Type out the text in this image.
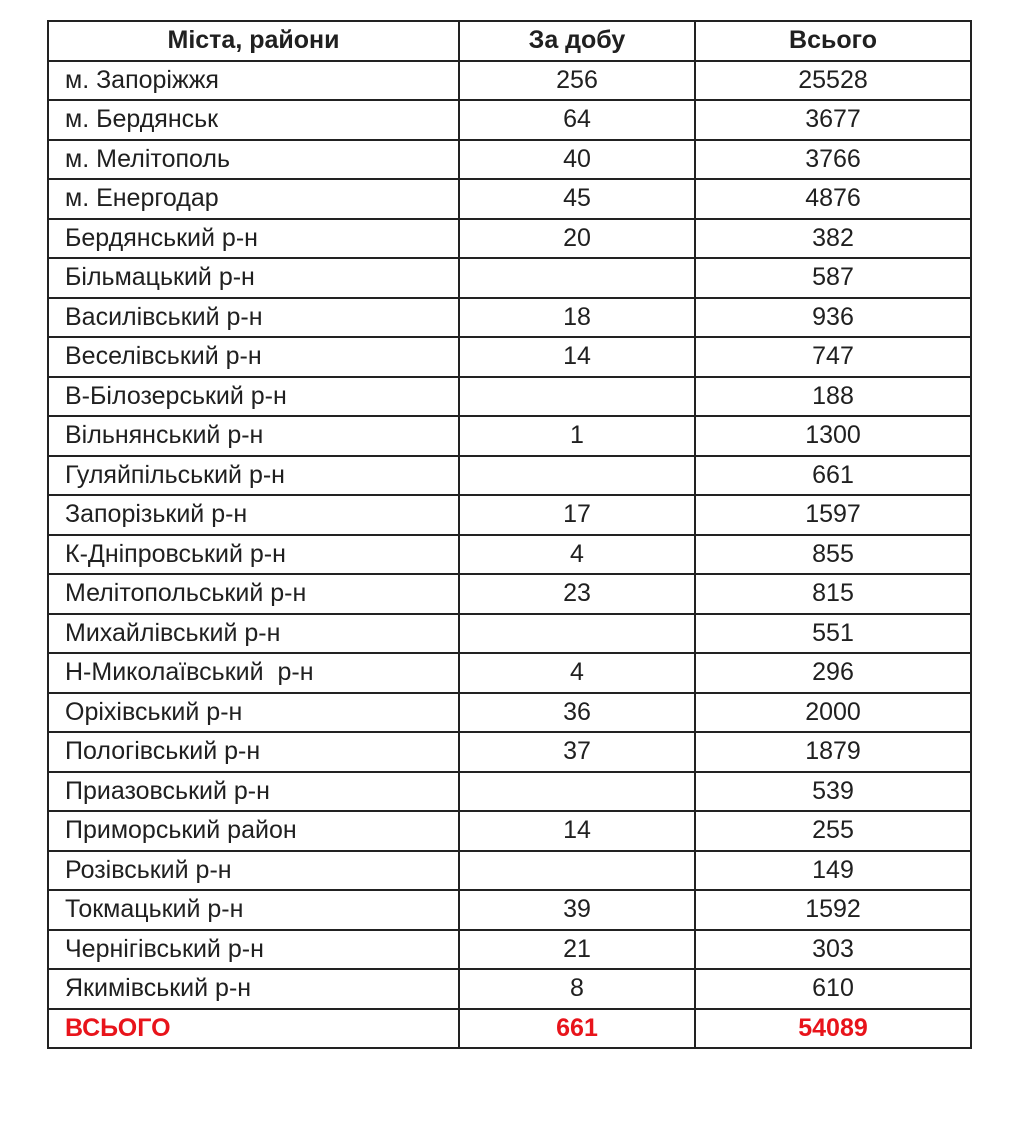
Міста, райони	За добу	Всього
м. Запоріжжя	256	25528
м. Бердянськ	64	3677
м. Мелітополь	40	3766
м. Енергодар	45	4876
Бердянський р-н	20	382
Більмацький р-н		587
Василівський р-н	18	936
Веселівський р-н	14	747
В-Білозерський р-н		188
Вільнянський р-н	1	1300
Гуляйпільський р-н		661
Запорізький р-н	17	1597
К-Дніпровський р-н	4	855
Мелітопольський р-н	23	815
Михайлівський р-н		551
Н-Миколаївський  р-н	4	296
Оріхівський р-н	36	2000
Пологівський р-н	37	1879
Приазовський р-н		539
Приморський район	14	255
Розівський р-н		149
Токмацький р-н	39	1592
Чернігівський р-н	21	303
Якимівський р-н	8	610
ВСЬОГО	661	54089
